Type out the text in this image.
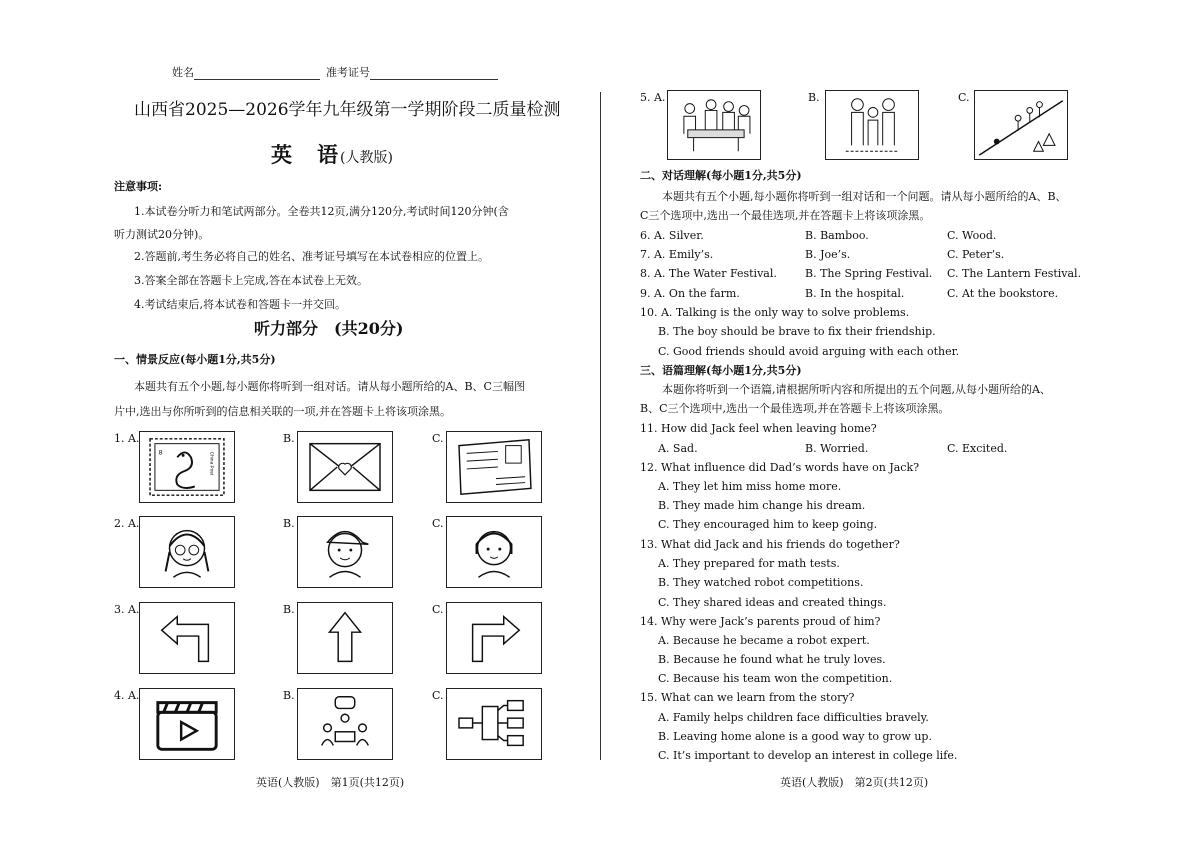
姓名	准考证号
山西省2025—2026学年九年级第一学期阶段二质量检测
英　语(人教版)
注意事项:
1.本试卷分听力和笔试两部分。全卷共12页,满分120分,考试时间120分钟(含
听力测试20分钟)。
2.答题前,考生务必将自己的姓名、准考证号填写在本试卷相应的位置上。
3.答案全部在答题卡上完成,答在本试卷上无效。
4.考试结束后,将本试卷和答题卡一并交回。
听力部分　(共20分)
一、情景反应(每小题1分,共5分)
本题共有五个小题,每小题你将听到一组对话。请从每小题所给的A、B、C三幅图
片中,选出与你所听到的信息相关联的一项,并在答题卡上将该项涂黑。
1. A.	B.	C.
8	China Post
2. A.	B.	C.
3. A.	B.	C.
4. A.	B.	C.
英语(人教版)　第1页(共12页)
5. A.	B.	C.
二、对话理解(每小题1分,共5分)
本题共有五个小题,每小题你将听到一组对话和一个问题。请从每小题所给的A、B、
C三个选项中,选出一个最佳选项,并在答题卡上将该项涂黑。
6. A. Silver.	B. Bamboo.	C. Wood.
7. A. Emily’s.	B. Joe’s.	C. Peter’s.
8. A. The Water Festival.	B. The Spring Festival. C. The Lantern Festival.
9. A. On the farm.	B. In the hospital.	C. At the bookstore.
10. A. Talking is the only way to solve problems.
B. The boy should be brave to fix their friendship.
C. Good friends should avoid arguing with each other.
三、语篇理解(每小题1分,共5分)
本题你将听到一个语篇,请根据所听内容和所提出的五个问题,从每小题所给的A、
B、C三个选项中,选出一个最佳选项,并在答题卡上将该项涂黑。
11. How did Jack feel when leaving home?
A. Sad.	B. Worried.	C. Excited.
12. What influence did Dad’s words have on Jack?
A. They let him miss home more.
B. They made him change his dream.
C. They encouraged him to keep going.
13. What did Jack and his friends do together?
A. They prepared for math tests.
B. They watched robot competitions.
C. They shared ideas and created things.
14. Why were Jack’s parents proud of him?
A. Because he became a robot expert.
B. Because he found what he truly loves.
C. Because his team won the competition.
15. What can we learn from the story?
A. Family helps children face difficulties bravely.
B. Leaving home alone is a good way to grow up.
C. It’s important to develop an interest in college life.
英语(人教版)　第2页(共12页)
